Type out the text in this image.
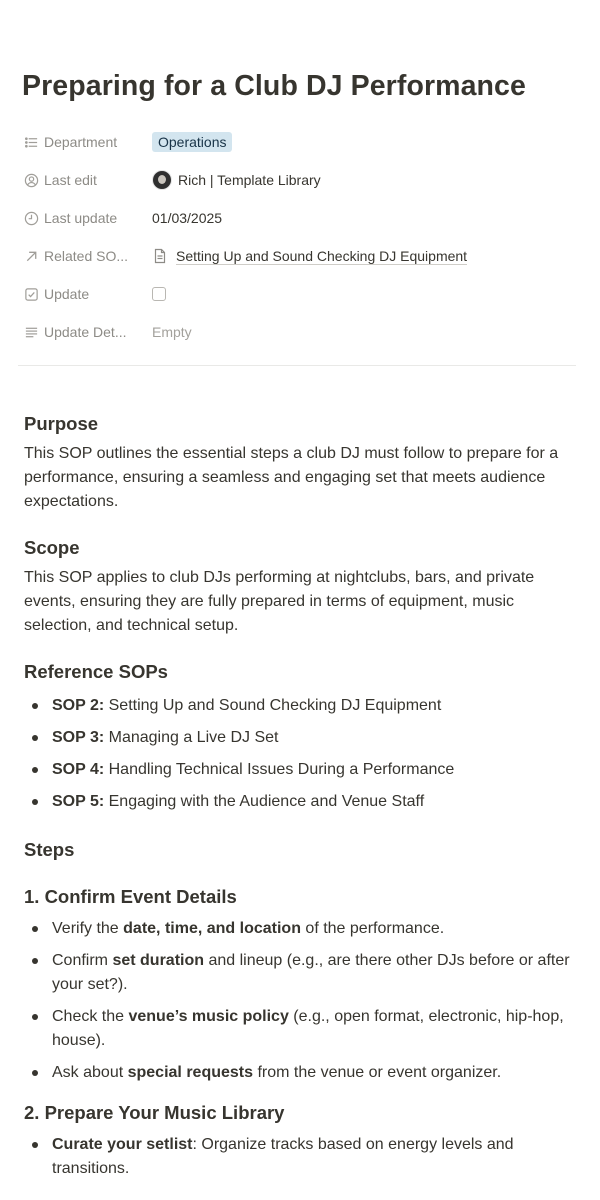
Preparing for a Club DJ Performance
Department	Operations
Last edit	Rich | Template Library
Last update 01/03/2025
Related SO...	Setting Up and Sound Checking DJ Equipment
Update
Update Det... Empty
Purpose

This SOP outlines the essential steps a club DJ must follow to prepare for a performance, ensuring a seamless and engaging set that meets audience expectations.

Scope

This SOP applies to club DJs performing at nightclubs, bars, and private events, ensuring they are fully prepared in terms of equipment, music selection, and technical setup.

Reference SOPs
SOP 2: Setting Up and Sound Checking DJ Equipment
SOP 3: Managing a Live DJ Set
SOP 4: Handling Technical Issues During a Performance
SOP 5: Engaging with the Audience and Venue Staff
Steps
1. Confirm Event Details
Verify the date, time, and location of the performance.
Confirm set duration and lineup (e.g., are there other DJs before or after your set?).
Check the venue’s music policy (e.g., open format, electronic, hip-hop, house).
Ask about special requests from the venue or event organizer.
2. Prepare Your Music Library
Curate your setlist: Organize tracks based on energy levels and transitions.
